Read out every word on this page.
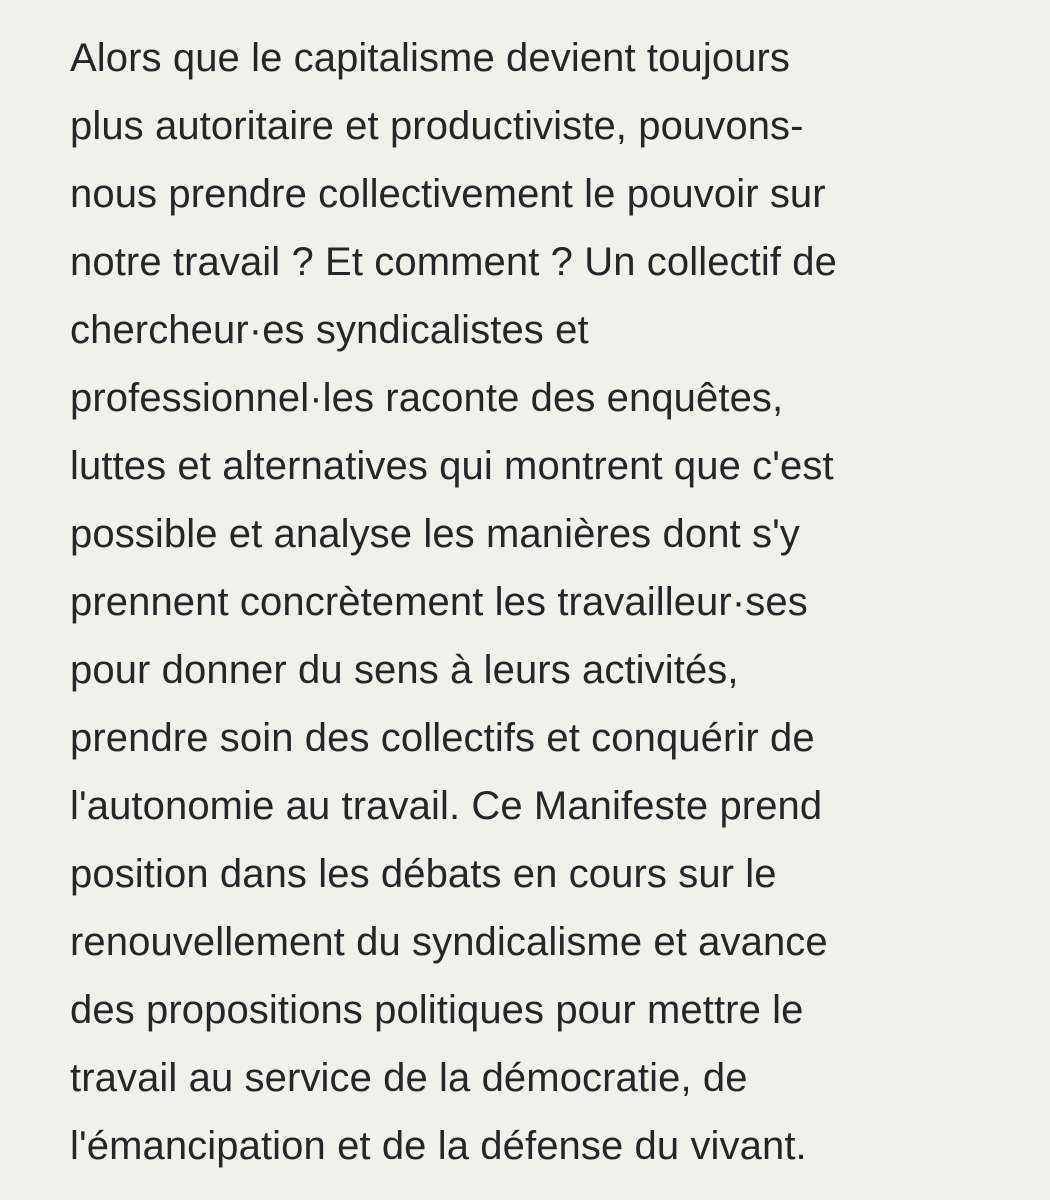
Alors que le capitalisme devient toujours
plus autoritaire et productiviste, pouvons-
nous prendre collectivement le pouvoir sur
notre travail ? Et comment ? Un collectif de
chercheur·es syndicalistes et
professionnel·les raconte des enquêtes,
luttes et alternatives qui montrent que c'est
possible et analyse les manières dont s'y
prennent concrètement les travailleur·ses
pour donner du sens à leurs activités,
prendre soin des collectifs et conquérir de
l'autonomie au travail. Ce Manifeste prend
position dans les débats en cours sur le
renouvellement du syndicalisme et avance
des propositions politiques pour mettre le
travail au service de la démocratie, de
l'émancipation et de la défense du vivant.
